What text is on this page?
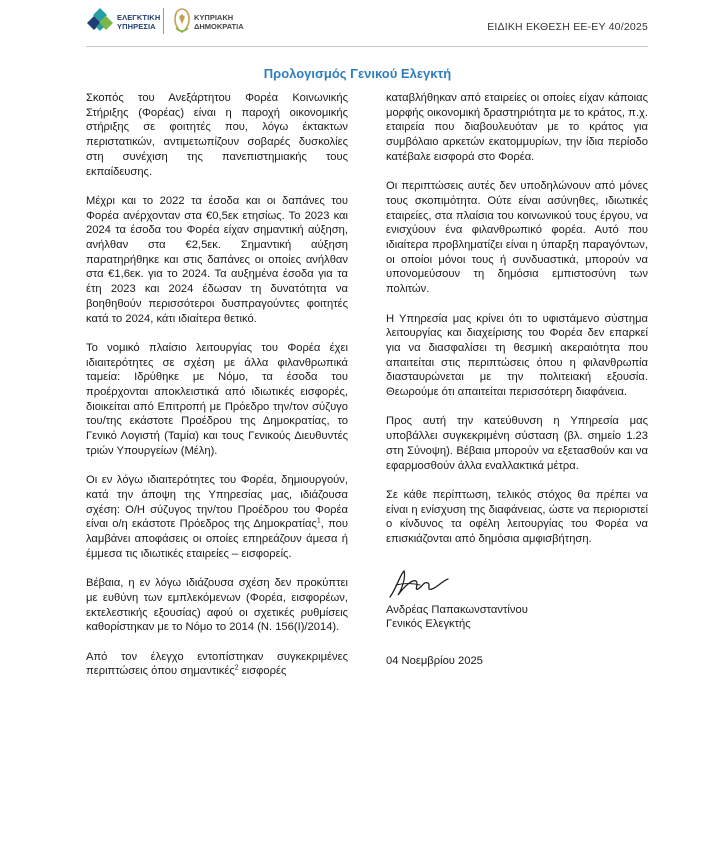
ΕΛΕΓΚΤΙΚΗ
ΥΠΗΡΕΣΙΑ
ΚΥΠΡΙΑΚΗ
ΔΗΜΟΚΡΑΤΙΑ	ΕΙΔΙΚΗ ΕΚΘΕΣΗ ΕΕ-ΕΥ 40/2025
Προλογισμός Γενικού Ελεγκτή

Σκοπός του Ανεξάρτητου Φορέα Κοινωνικής Στήριξης (Φορέας) είναι η παροχή οικονομικής στήριξης σε φοιτητές που, λόγω έκτακτων περιστατικών, αντιμετωπίζουν σοβαρές δυσκολίες στη συνέχιση της πανεπιστημιακής τους εκπαίδευσης.

Μέχρι και το 2022 τα έσοδα και οι δαπάνες του Φορέα ανέρχονταν στα €0,5εκ ετησίως. Το 2023 και 2024 τα έσοδα του Φορέα είχαν σημαντική αύξηση, ανήλθαν στα €2,5εκ. Σημαντική αύξηση παρατηρήθηκε και στις δαπάνες οι οποίες ανήλθαν στα €1,6εκ. για το 2024. Τα αυξημένα έσοδα για τα έτη 2023 και 2024 έδωσαν τη δυνατότητα να βοηθηθούν περισσότεροι δυσπραγούντες φοιτητές κατά το 2024, κάτι ιδιαίτερα θετικό.

Το νομικό πλαίσιο λειτουργίας του Φορέα έχει ιδιαιτερότητες σε σχέση με άλλα φιλανθρωπικά ταμεία: Ιδρύθηκε με Νόμο, τα έσοδα του προέρχονται αποκλειστικά από ιδιωτικές εισφορές, διοικείται από Επιτροπή με Πρόεδρο την/τον σύζυγο του/της εκάστοτε Προέδρου της Δημοκρατίας, το Γενικό Λογιστή (Ταμία) και τους Γενικούς Διευθυντές τριών Υπουργείων (Μέλη).

Οι εν λόγω ιδιαιτερότητες του Φορέα, δημιουργούν, κατά την άποψη της Υπηρεσίας μας, ιδιάζουσα σχέση: Ο/Η σύζυγος την/του Προέδρου του Φορέα είναι ο/η εκάστοτε Πρόεδρος της Δημοκρατίας$^1$, που λαμβάνει αποφάσεις οι οποίες επηρεάζουν άμεσα ή έμμεσα τις ιδιωτικές εταιρείες – εισφορείς.

Βέβαια, η εν λόγω ιδιάζουσα σχέση δεν προκύπτει με ευθύνη των εμπλεκόμενων (Φορέα, εισφορέων, εκτελεστικής εξουσίας) αφού οι σχετικές ρυθμίσεις καθορίστηκαν με το Νόμο το 2014 (Ν. 156(Ι)/2014).

Από τον έλεγχο εντοπίστηκαν συγκεκριμένες περιπτώσεις όπου σημαντικές$^2$ εισφορές

καταβλήθηκαν από εταιρείες οι οποίες είχαν κάποιας μορφής οικονομική δραστηριότητα με το κράτος, π.χ. εταιρεία που διαβουλευόταν με το κράτος για συμβόλαιο αρκετών εκατομμυρίων, την ίδια περίοδο κατέβαλε εισφορά στο Φορέα.

Οι περιπτώσεις αυτές δεν υποδηλώνουν από μόνες τους σκοπιμότητα. Ούτε είναι ασύνηθες, ιδιωτικές εταιρείες, στα πλαίσια του κοινωνικού τους έργου, να ενισχύουν ένα φιλανθρωπικό φορέα. Αυτό που ιδιαίτερα προβληματίζει είναι η ύπαρξη παραγόντων, οι οποίοι μόνοι τους ή συνδυαστικά, μπορούν να υπονομεύσουν τη δημόσια εμπιστοσύνη των πολιτών.

Η Υπηρεσία μας κρίνει ότι το υφιστάμενο σύστημα λειτουργίας και διαχείρισης του Φορέα δεν επαρκεί για να διασφαλίσει τη θεσμική ακεραιότητα που απαιτείται στις περιπτώσεις όπου η φιλανθρωπία διασταυρώνεται με την πολιτειακή εξουσία. Θεωρούμε ότι απαιτείται περισσότερη διαφάνεια.

Προς αυτή την κατεύθυνση η Υπηρεσία μας υποβάλλει συγκεκριμένη σύσταση (βλ. σημείο 1.23 στη Σύνοψη). Βέβαια μπορούν να εξετασθούν και να εφαρμοσθούν άλλα εναλλακτικά μέτρα.

Σε κάθε περίπτωση, τελικός στόχος θα πρέπει να είναι η ενίσχυση της διαφάνειας, ώστε να περιοριστεί ο κίνδυνος τα οφέλη λειτουργίας του Φορέα να επισκιάζονται από δημόσια αμφισβήτηση.

Ανδρέας Παπακωνσταντίνου

Γενικός Ελεγκτής

04 Νοεμβρίου 2025
